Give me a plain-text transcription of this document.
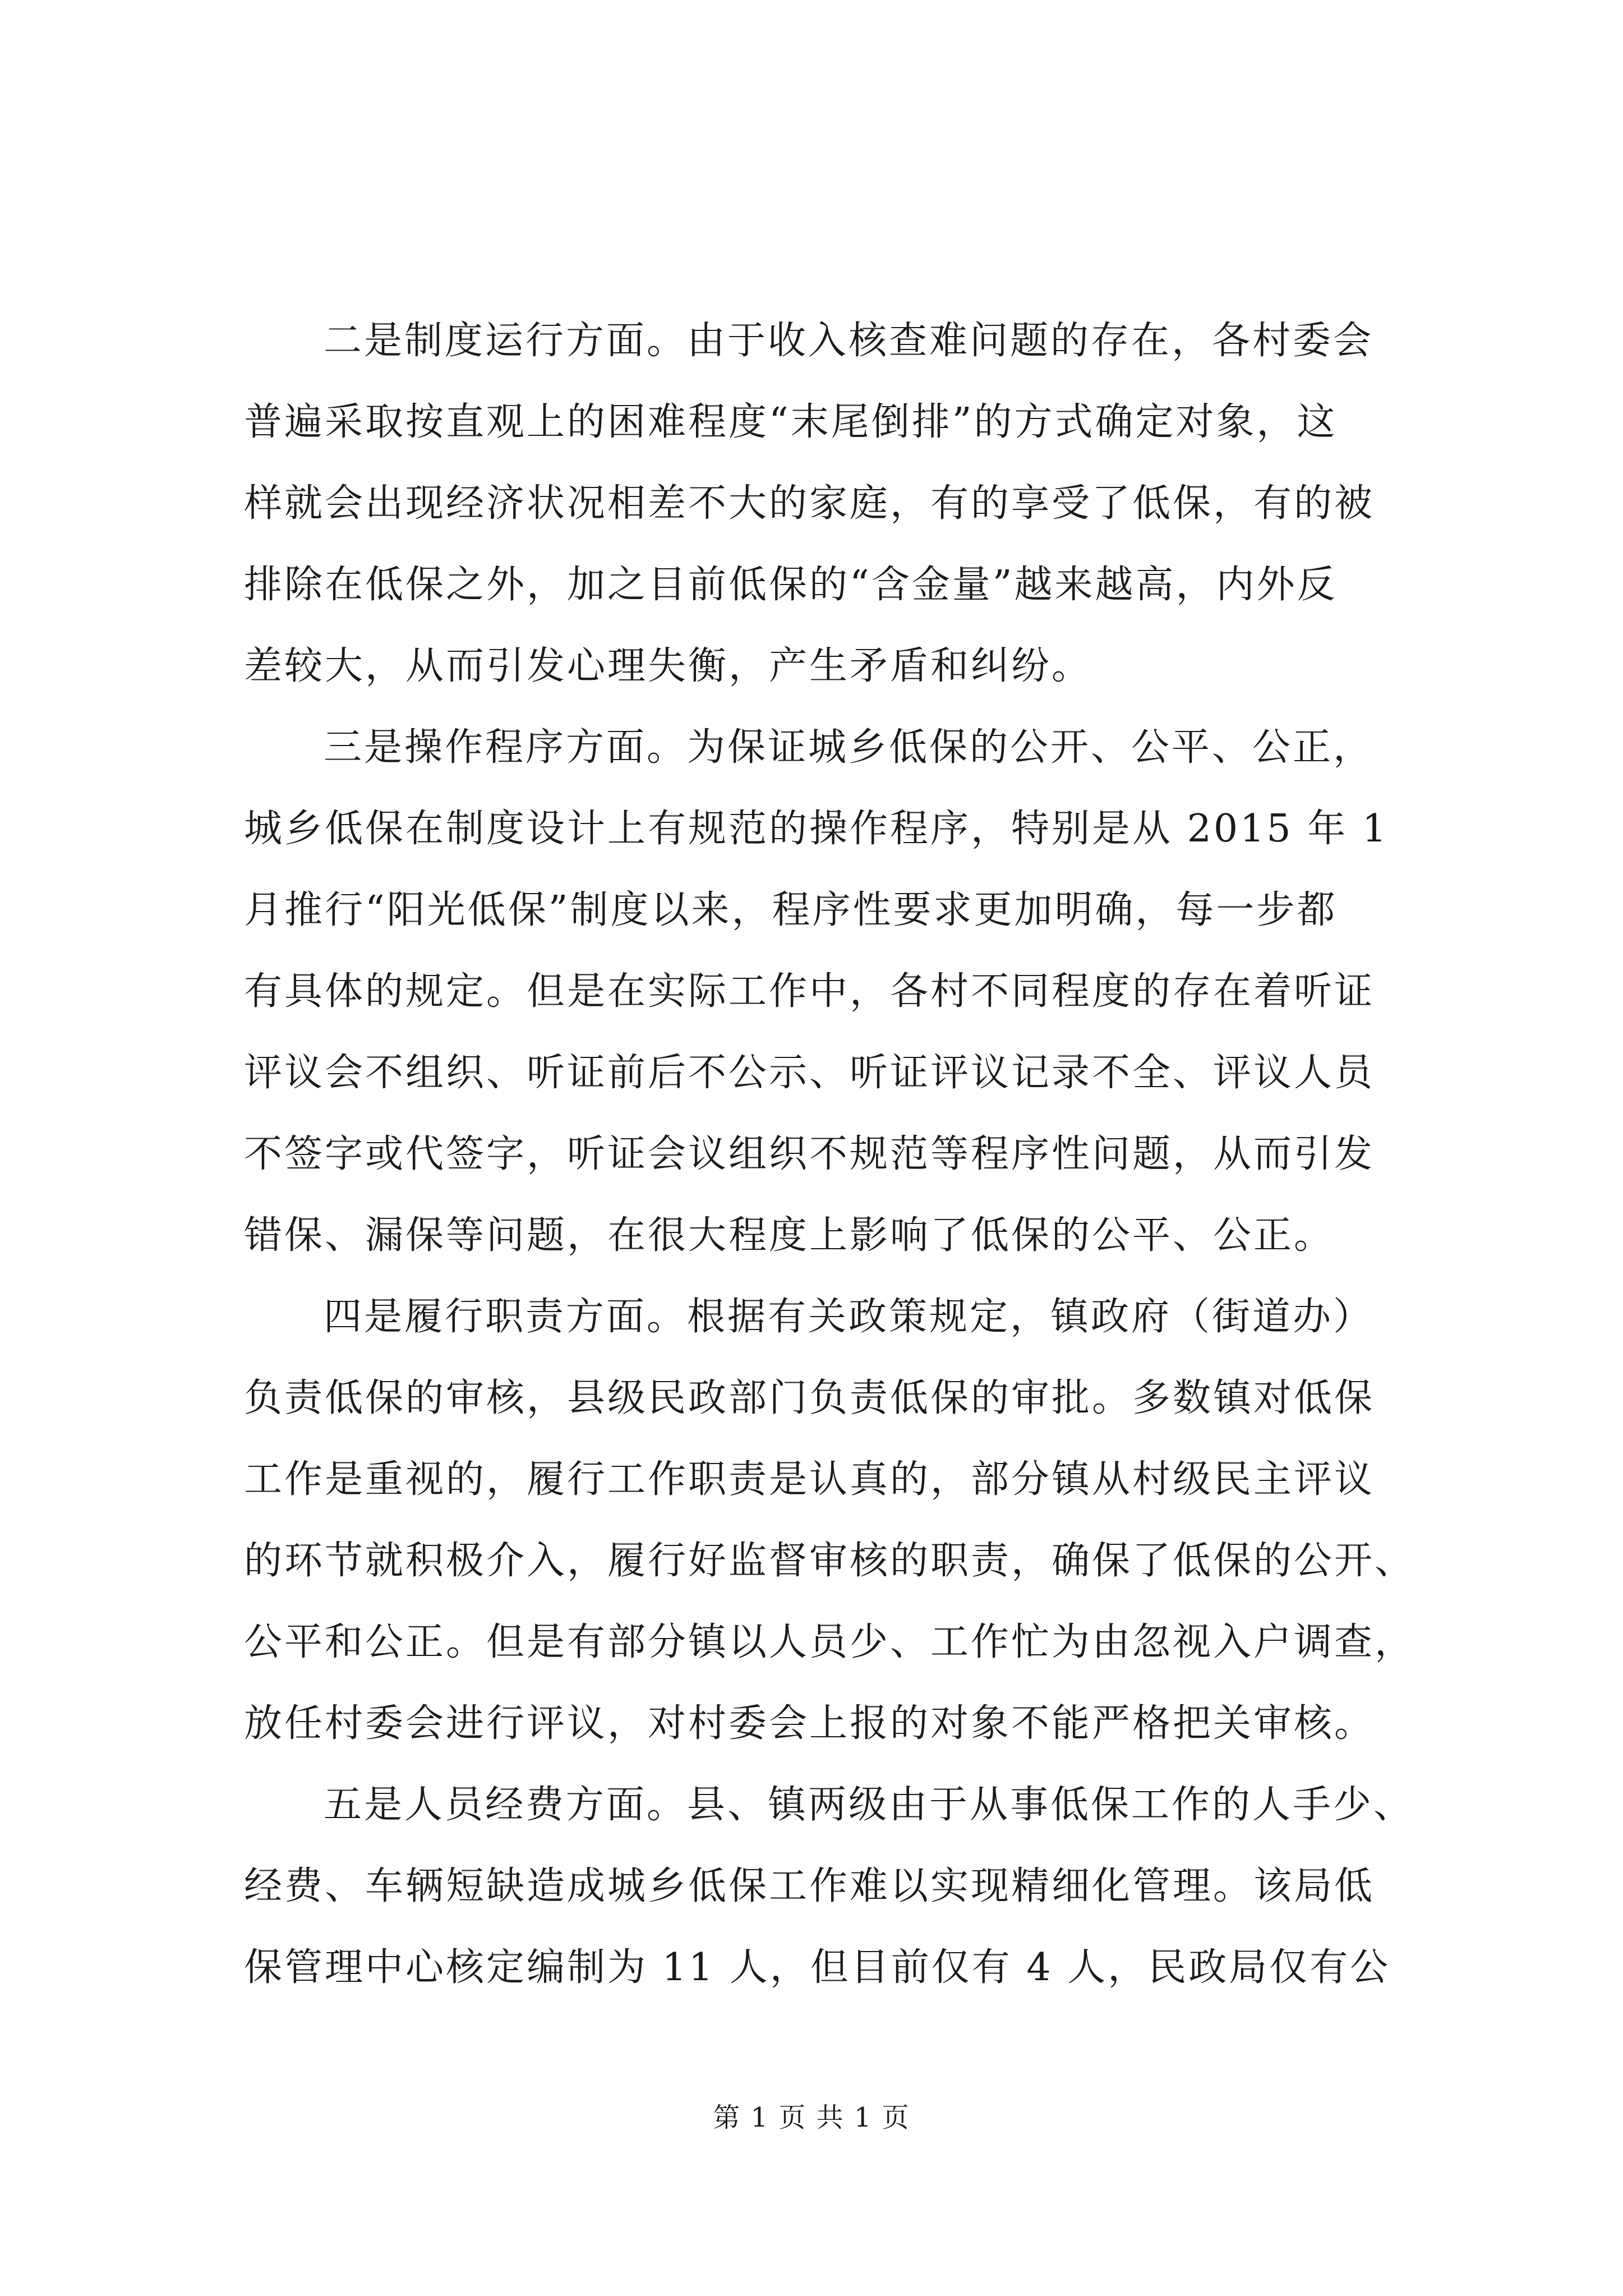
二是制度运行方面。由于收入核查难问题的存在，各村委会
普遍采取按直观上的困难程度“末尾倒排”的方式确定对象，这
样就会出现经济状况相差不大的家庭，有的享受了低保，有的被
排除在低保之外，加之目前低保的“含金量”越来越高，内外反
差较大，从而引发心理失衡，产生矛盾和纠纷。
三是操作程序方面。为保证城乡低保的公开、公平、公正，
城乡低保在制度设计上有规范的操作程序，特别是从 2015 年 1
月推行“阳光低保”制度以来，程序性要求更加明确，每一步都
有具体的规定。但是在实际工作中，各村不同程度的存在着听证
评议会不组织、听证前后不公示、听证评议记录不全、评议人员
不签字或代签字，听证会议组织不规范等程序性问题，从而引发
错保、漏保等问题，在很大程度上影响了低保的公平、公正。
四是履行职责方面。根据有关政策规定，镇政府（街道办）
负责低保的审核，县级民政部门负责低保的审批。多数镇对低保
工作是重视的，履行工作职责是认真的，部分镇从村级民主评议
的环节就积极介入，履行好监督审核的职责，确保了低保的公开、
公平和公正。但是有部分镇以人员少、工作忙为由忽视入户调查，
放任村委会进行评议，对村委会上报的对象不能严格把关审核。
五是人员经费方面。县、镇两级由于从事低保工作的人手少、
经费、车辆短缺造成城乡低保工作难以实现精细化管理。该局低
保管理中心核定编制为 11 人，但目前仅有 4 人，民政局仅有公
第 1 页 共 1 页
